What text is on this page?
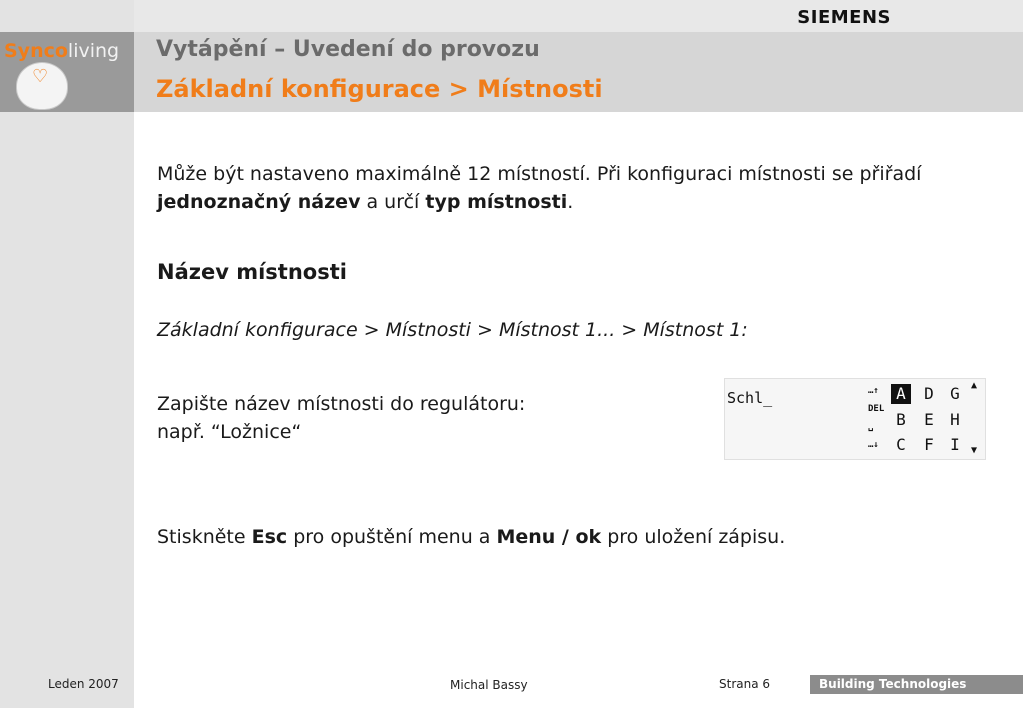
SIEMENS
Syncoliving
♡
Vytápění – Uvedení do provozu
Základní konfigurace > Místnosti
Může být nastaveno maximálně 12 místností. Při konfiguraci místnosti se přiřadí jednoznačný název a určí typ místnosti.
Název místnosti
Základní konfigurace > Místnosti > Místnost 1... > Místnost 1:
Zapište název místnosti do regulátoru:
např. “Ložnice“
Schl_	…↑
DEL
␣
…↓
A	D	G
B	E	H
C	F	I
▲
▼
Stiskněte Esc pro opuštění menu a Menu / ok pro uložení zápisu.
Leden 2007	Michal Bassy	Strana 6	Building Technologies
